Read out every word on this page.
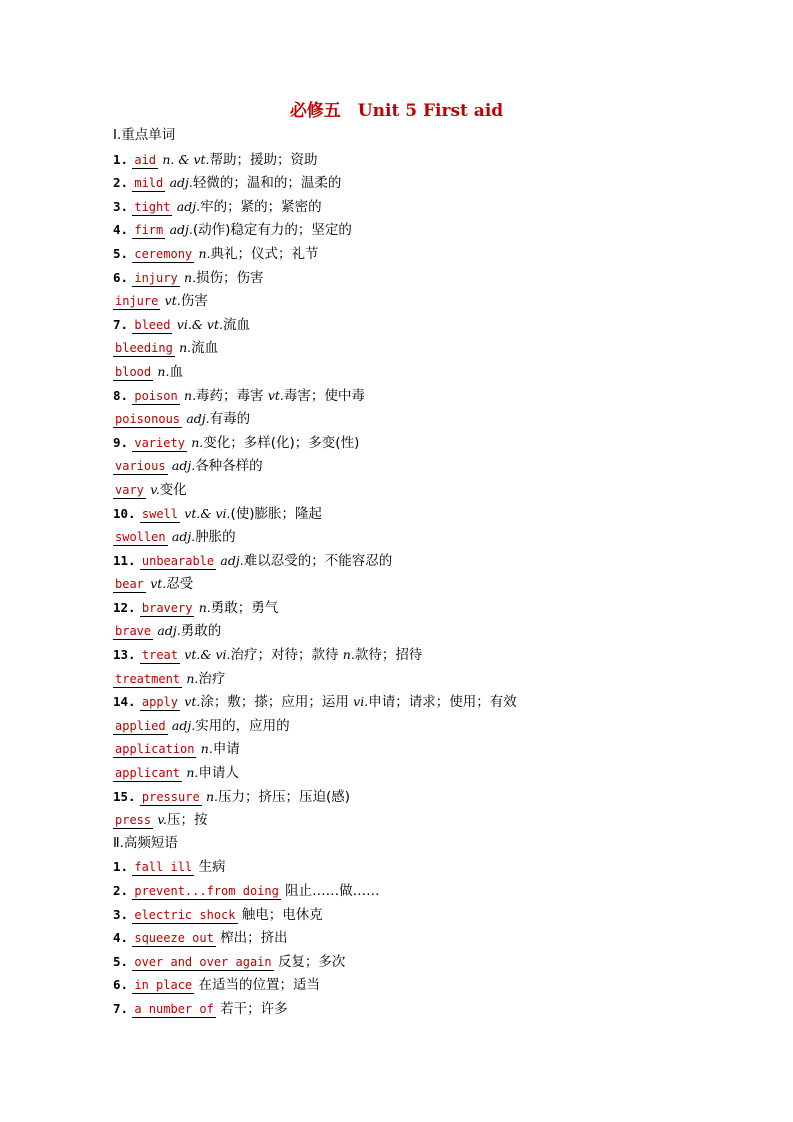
必修五　Unit 5 First aid
Ⅰ.重点单词
1. aid n. & vt.帮助；援助；资助
2. mild adj.轻微的；温和的；温柔的
3. tight adj.牢的；紧的；紧密的
4. firm adj.(动作)稳定有力的；坚定的
5. ceremony n.典礼；仪式；礼节
6. injury n.损伤；伤害
injure vt.伤害
7. bleed vi.& vt.流血
bleeding n.流血
blood n.血
8. poison n.毒药；毒害 vt.毒害；使中毒
poisonous adj.有毒的
9. variety n.变化；多样(化)；多变(性)
various adj.各种各样的
vary v.变化
10. swell vt.& vi.(使)膨胀；隆起
swollen adj.肿胀的
11. unbearable adj.难以忍受的；不能容忍的
bear vt.忍受
12. bravery n.勇敢；勇气
brave adj.勇敢的
13. treat vt.& vi.治疗；对待；款待 n.款待；招待
treatment n.治疗
14. apply vt.涂；敷；搽；应用；运用 vi.申请；请求；使用；有效
applied adj.实用的，应用的
application n.申请
applicant n.申请人
15. pressure n.压力；挤压；压迫(感)
press v.压；按
Ⅱ.高频短语
1. fall ill 生病
2. prevent...from doing 阻止……做……
3. electric shock 触电；电休克
4. squeeze out 榨出；挤出
5. over and over again 反复；多次
6. in place 在适当的位置；适当
7. a number of 若干；许多
